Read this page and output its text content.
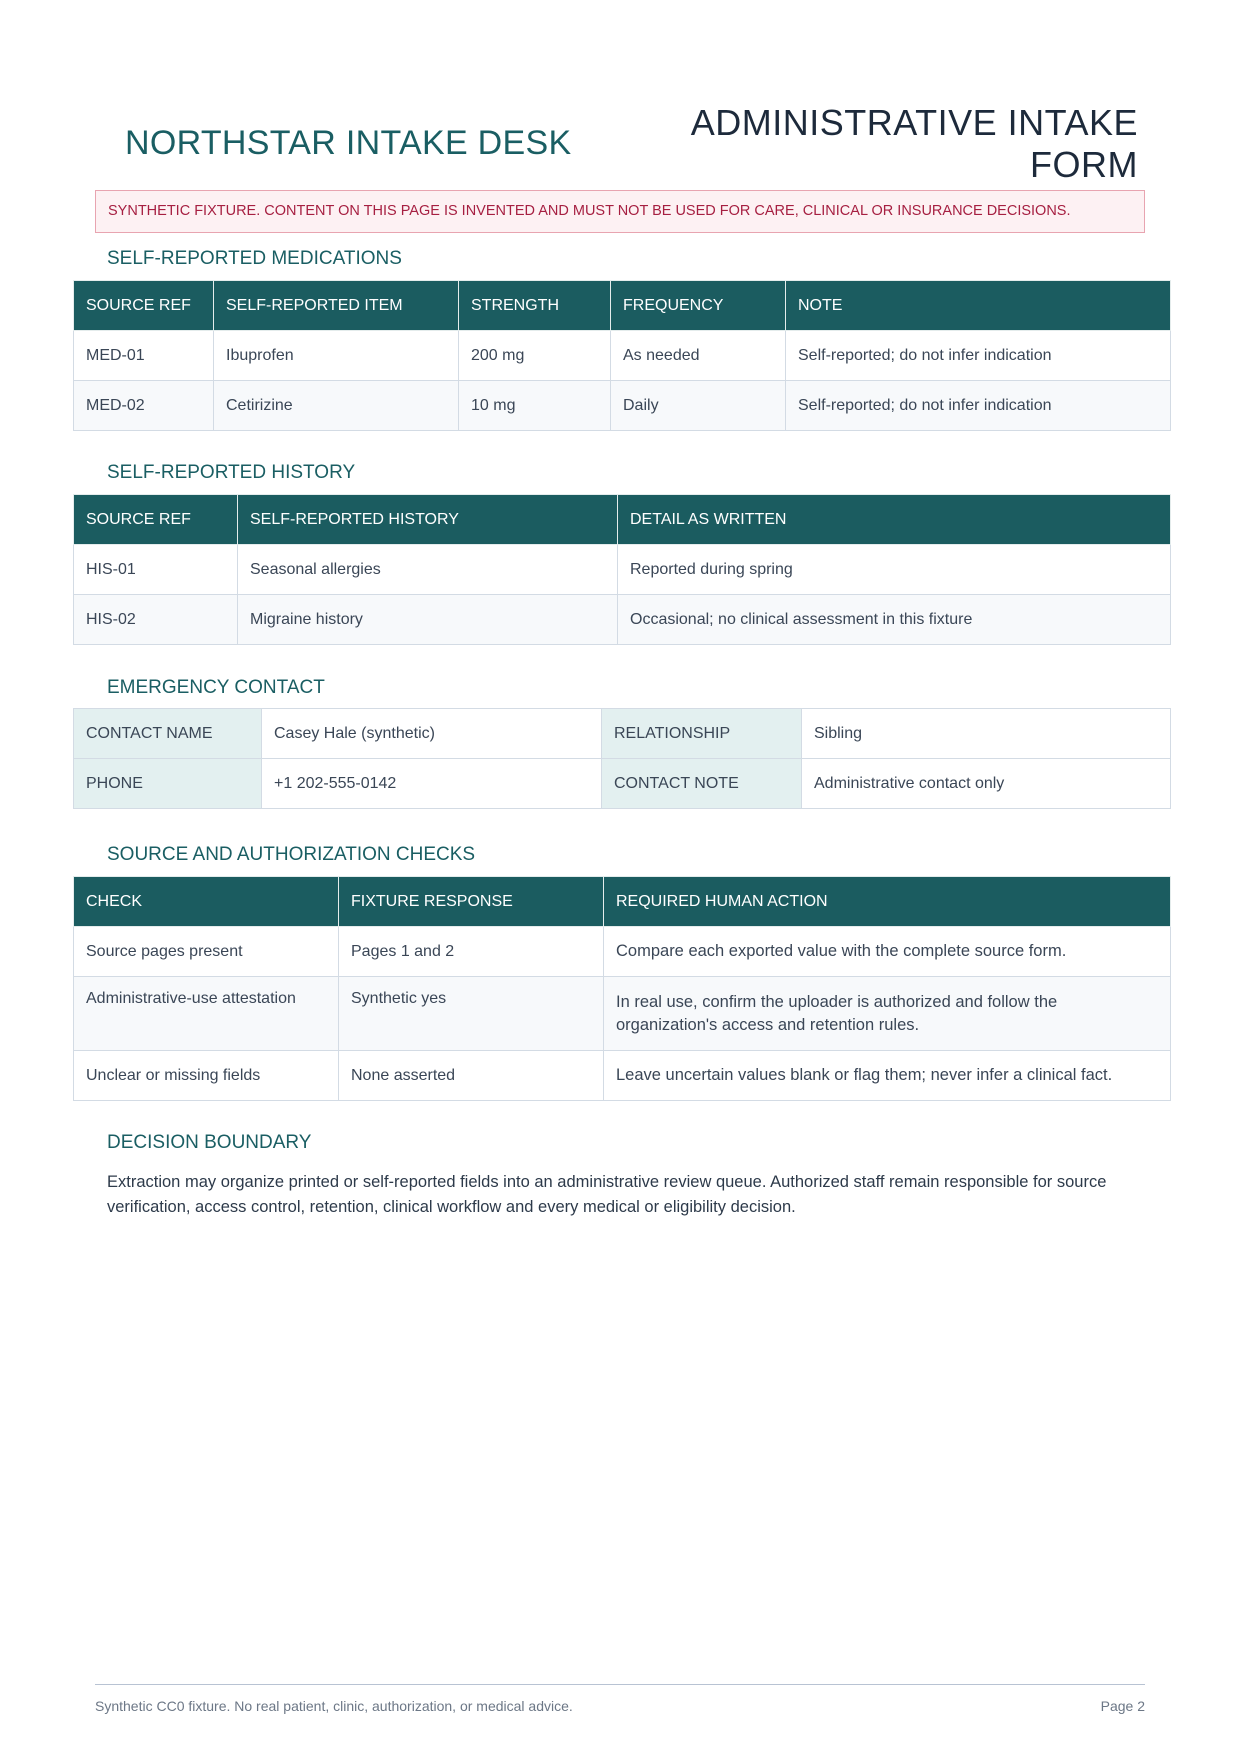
NORTHSTAR INTAKE DESK	ADMINISTRATIVE INTAKE FORM
SYNTHETIC FIXTURE. CONTENT ON THIS PAGE IS INVENTED AND MUST NOT BE USED FOR CARE, CLINICAL OR INSURANCE DECISIONS.
SELF-REPORTED MEDICATIONS
SOURCE REF	SELF-REPORTED ITEM	STRENGTH	FREQUENCY	NOTE
MED-01	Ibuprofen	200 mg	As needed	Self-reported; do not infer indication
MED-02	Cetirizine	10 mg	Daily	Self-reported; do not infer indication
SELF-REPORTED HISTORY
SOURCE REF	SELF-REPORTED HISTORY	DETAIL AS WRITTEN
HIS-01	Seasonal allergies	Reported during spring
HIS-02	Migraine history	Occasional; no clinical assessment in this fixture
EMERGENCY CONTACT
CONTACT NAME	Casey Hale (synthetic)	RELATIONSHIP	Sibling
PHONE	+1 202-555-0142	CONTACT NOTE	Administrative contact only
SOURCE AND AUTHORIZATION CHECKS
CHECK	FIXTURE RESPONSE	REQUIRED HUMAN ACTION
Source pages present	Pages 1 and 2	Compare each exported value with the complete source form.
Administrative-use attestation	Synthetic yes	In real use, confirm the uploader is authorized and follow the organization's access and retention rules.
Unclear or missing fields	None asserted	Leave uncertain values blank or flag them; never infer a clinical fact.
DECISION BOUNDARY
Extraction may organize printed or self-reported fields into an administrative review queue. Authorized staff remain responsible for source verification, access control, retention, clinical workflow and every medical or eligibility decision.
Synthetic CC0 fixture. No real patient, clinic, authorization, or medical advice.	Page 2
